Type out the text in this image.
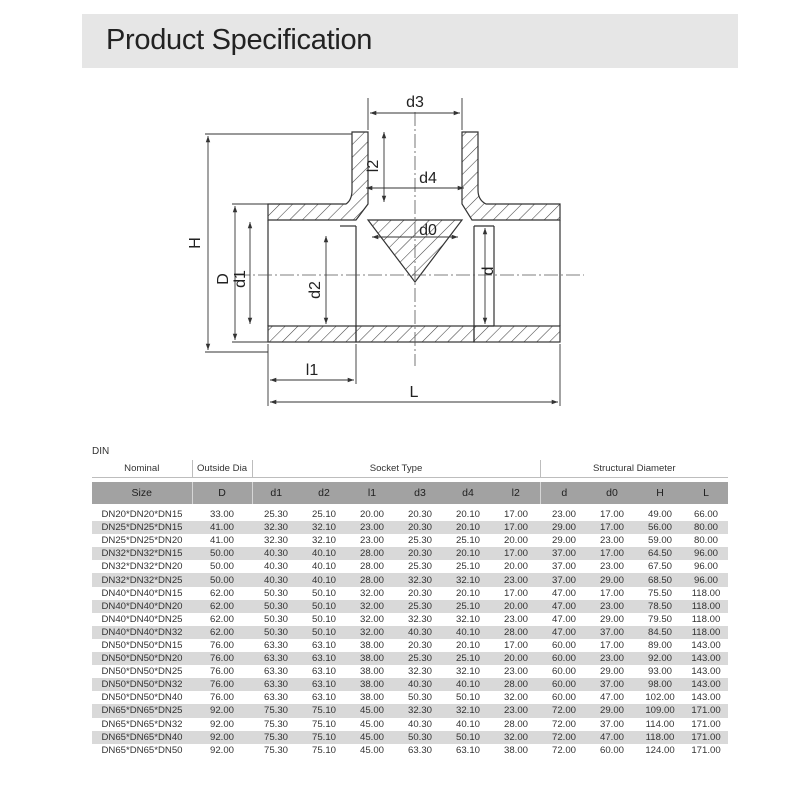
Product Specification
d3
l2
d4
d0
H
D d1
d2
d
l1
L
DIN
Nominal	Outside Dia	Socket Type						Structural Diameter			

Size	D	d1	d2	l1	d3	d4	l2	d	d0	H	L

DN20*DN20*DN15	33.00	25.30	25.10	20.00	20.30	20.10	17.00	23.00	17.00	49.00	66.00
DN25*DN25*DN15	41.00	32.30	32.10	23.00	20.30	20.10	17.00	29.00	17.00	56.00	80.00
DN25*DN25*DN20	41.00	32.30	32.10	23.00	25.30	25.10	20.00	29.00	23.00	59.00	80.00
DN32*DN32*DN15	50.00	40.30	40.10	28.00	20.30	20.10	17.00	37.00	17.00	64.50	96.00
DN32*DN32*DN20	50.00	40.30	40.10	28.00	25.30	25.10	20.00	37.00	23.00	67.50	96.00
DN32*DN32*DN25	50.00	40.30	40.10	28.00	32.30	32.10	23.00	37.00	29.00	68.50	96.00
DN40*DN40*DN15	62.00	50.30	50.10	32.00	20.30	20.10	17.00	47.00	17.00	75.50	118.00
DN40*DN40*DN20	62.00	50.30	50.10	32.00	25.30	25.10	20.00	47.00	23.00	78.50	118.00
DN40*DN40*DN25	62.00	50.30	50.10	32.00	32.30	32.10	23.00	47.00	29.00	79.50	118.00
DN40*DN40*DN32	62.00	50.30	50.10	32.00	40.30	40.10	28.00	47.00	37.00	84.50	118.00
DN50*DN50*DN15	76.00	63.30	63.10	38.00	20.30	20.10	17.00	60.00	17.00	89.00	143.00
DN50*DN50*DN20	76.00	63.30	63.10	38.00	25.30	25.10	20.00	60.00	23.00	92.00	143.00
DN50*DN50*DN25	76.00	63.30	63.10	38.00	32.30	32.10	23.00	60.00	29.00	93.00	143.00
DN50*DN50*DN32	76.00	63.30	63.10	38.00	40.30	40.10	28.00	60.00	37.00	98.00	143.00
DN50*DN50*DN40	76.00	63.30	63.10	38.00	50.30	50.10	32.00	60.00	47.00	102.00	143.00
DN65*DN65*DN25	92.00	75.30	75.10	45.00	32.30	32.10	23.00	72.00	29.00	109.00	171.00
DN65*DN65*DN32	92.00	75.30	75.10	45.00	40.30	40.10	28.00	72.00	37.00	114.00	171.00
DN65*DN65*DN40	92.00	75.30	75.10	45.00	50.30	50.10	32.00	72.00	47.00	118.00	171.00
DN65*DN65*DN50	92.00	75.30	75.10	45.00	63.30	63.10	38.00	72.00	60.00	124.00	171.00
